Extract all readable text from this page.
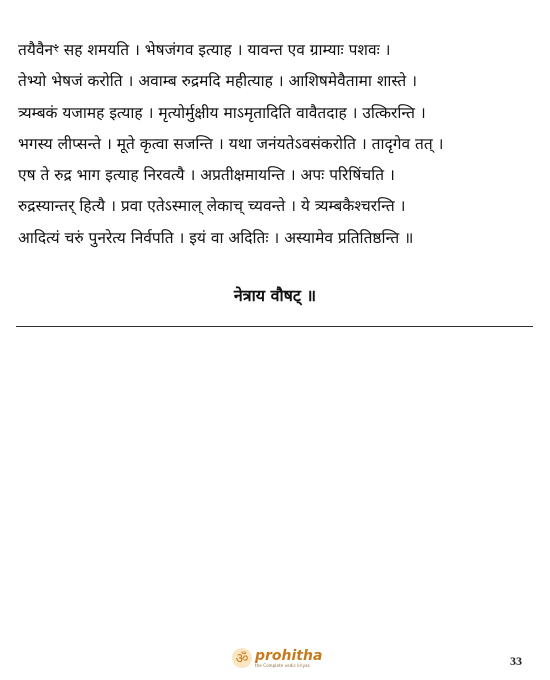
तयैवैनꣳ सह शमयति । भेषजंगव इत्याह । यावन्त एव ग्राम्याः पशवः ।
तेभ्यो भेषजं करोति । अवाम्ब रुद्रमदि महीत्याह । आशिषमेवैतामा शास्ते ।
त्र्यम्बकं यजामह इत्याह । मृत्योर्मुक्षीय माऽमृतादिति वावैतदाह । उत्किरन्ति ।
भगस्य लीप्सन्ते । मूते कृत्वा सजन्ति । यथा जनंयतेऽवसंकरोति । तादृगेव तत् ।
एष ते रुद्र भाग इत्याह निरवत्यै । अप्रतीक्षमायन्ति । अपः परिषिंचति ।
रुद्रस्यान्तर् हित्यै । प्रवा एतेऽस्माल् लेकाच् च्यवन्ते । ये त्र्यम्बकैश्चरन्ति ।
आदित्यं चरुं पुनरेत्य निर्वपति । इयं वा अदितिः । अस्यामेव प्रतितिष्ठन्ति ॥
नेत्राय वौषट् ॥
ॐ prohitha
the Complete vedic kriyas	33
